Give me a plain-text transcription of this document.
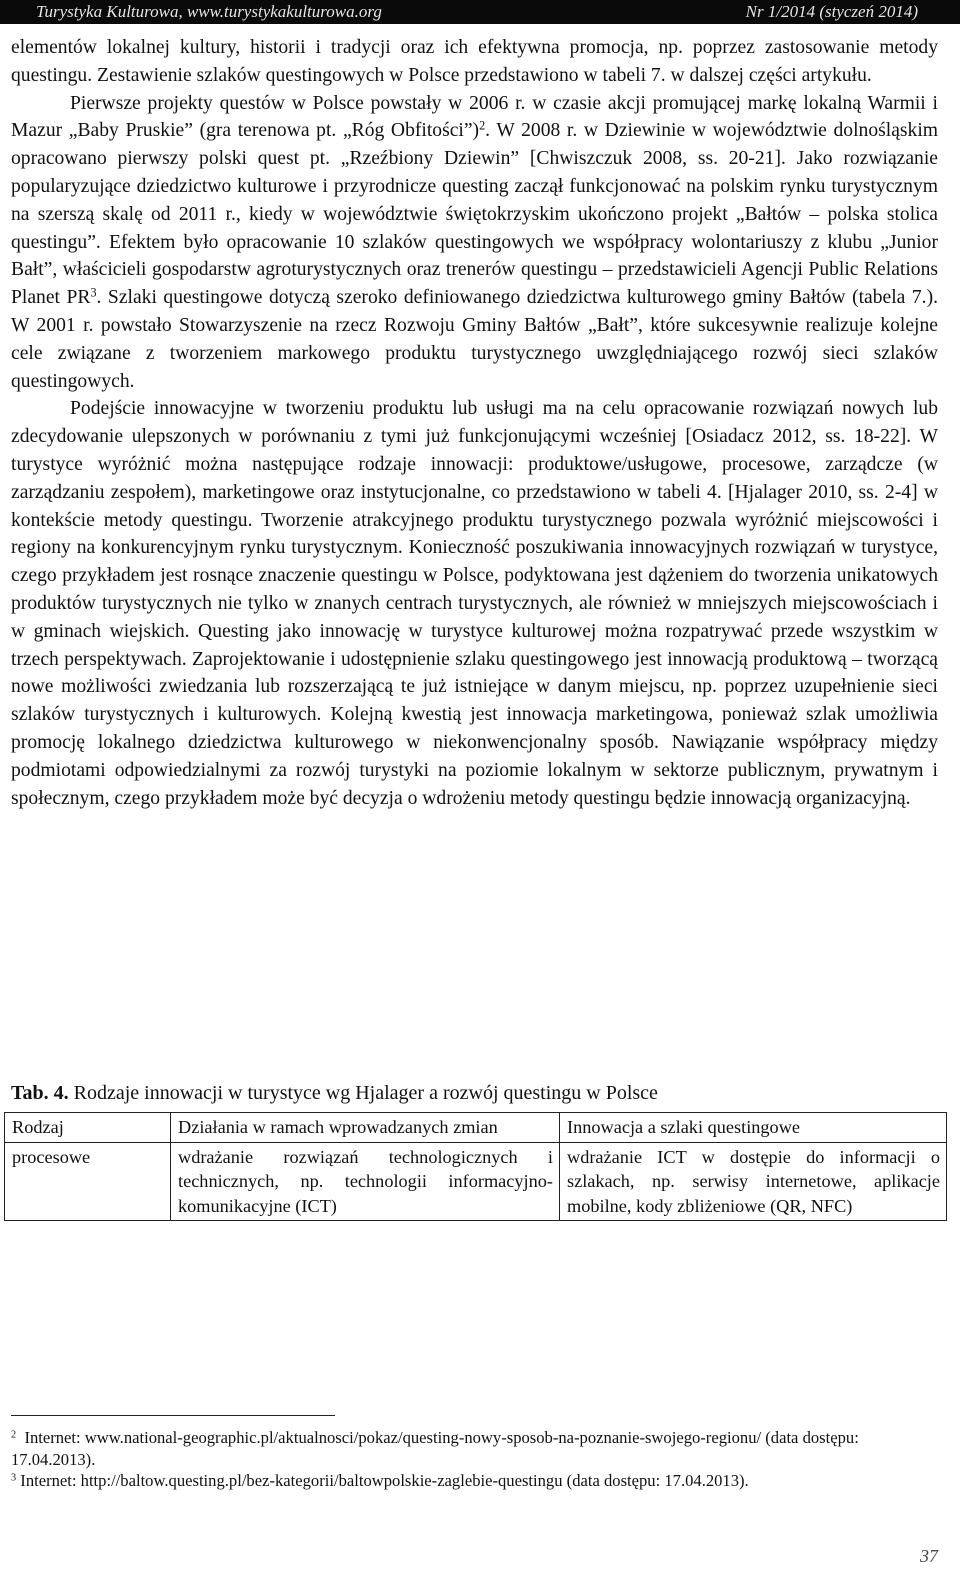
Turystyka Kulturowa, www.turystykakulturowa.org	Nr 1/2014 (styczeń 2014)

elementów lokalnej kultury, historii i tradycji oraz ich efektywna promocja, np. poprzez zastosowanie metody questingu. Zestawienie szlaków questingowych w Polsce przedstawiono w tabeli 7. w dalszej części artykułu.

Pierwsze projekty questów w Polsce powstały w 2006 r. w czasie akcji promującej markę lokalną Warmii i Mazur „Baby Pruskie” (gra terenowa pt. „Róg Obfitości”)$^2$. W 2008 r. w Dziewinie w województwie dolnośląskim opracowano pierwszy polski quest pt. „Rzeźbiony Dziewin” [Chwiszczuk 2008, ss. 20-21]. Jako rozwiązanie popularyzujące dziedzictwo kulturowe i przyrodnicze questing zaczął funkcjonować na polskim rynku turystycznym na szerszą skalę od 2011 r., kiedy w województwie świętokrzyskim ukończono projekt „Bałtów – polska stolica questingu”. Efektem było opracowanie 10 szlaków questingowych we współpracy wolontariuszy z klubu „Junior Bałt”, właścicieli gospodarstw agroturystycznych oraz trenerów questingu – przedstawicieli Agencji Public Relations Planet $PR^3$. Szlaki questingowe dotyczą szeroko definiowanego dziedzictwa kulturowego gminy Bałtów (tabela 7.). W 2001 r. powstało Stowarzyszenie na rzecz Rozwoju Gminy Bałtów „Bałt”, które sukcesywnie realizuje kolejne cele związane z tworzeniem markowego produktu turystycznego uwzględniającego rozwój sieci szlaków questingowych.

Podejście innowacyjne w tworzeniu produktu lub usługi ma na celu opracowanie rozwiązań nowych lub zdecydowanie ulepszonych w porównaniu z tymi już funkcjonującymi wcześniej [Osiadacz 2012, ss. 18-22]. W turystyce wyróżnić można następujące rodzaje innowacji: produktowe/usługowe, procesowe, zarządcze (w zarządzaniu zespołem), marketingowe oraz instytucjonalne, co przedstawiono w tabeli 4. [Hjalager 2010, ss. 2-4] w kontekście metody questingu. Tworzenie atrakcyjnego produktu turystycznego pozwala wyróżnić miejscowości i regiony na konkurencyjnym rynku turystycznym. Konieczność poszukiwania innowacyjnych rozwiązań w turystyce, czego przykładem jest rosnące znaczenie questingu w Polsce, podyktowana jest dążeniem do tworzenia unikatowych produktów turystycznych nie tylko w znanych centrach turystycznych, ale również w mniejszych miejscowościach i w gminach wiejskich. Questing jako innowację w turystyce kulturowej można rozpatrywać przede wszystkim w trzech perspektywach. Zaprojektowanie i udostępnienie szlaku questingowego jest innowacją produktową – tworzącą nowe możliwości zwiedzania lub rozszerzającą te już istniejące w danym miejscu, np. poprzez uzupełnienie sieci szlaków turystycznych i kulturowych. Kolejną kwestią jest innowacja marketingowa, ponieważ szlak umożliwia promocję lokalnego dziedzictwa kulturowego w niekonwencjonalny sposób. Nawiązanie współpracy między podmiotami odpowiedzialnymi za rozwój turystyki na poziomie lokalnym w sektorze publicznym, prywatnym i społecznym, czego przykładem może być decyzja o wdrożeniu metody questingu będzie innowacją organizacyjną.

Tab. 4. Rodzaje innowacji w turystyce wg Hjalager a rozwój questingu w Polsce
Rodzaj	Działania w ramach wprowadzanych zmian	Innowacja a szlaki questingowe
procesowe	wdrażanie rozwiązań technologicznych i technicznych, np. technologii informacyjno-komunikacyjne (ICT)	wdrażanie ICT w dostępie do informacji o szlakach, np. serwisy internetowe, aplikacje mobilne, kody zbliżeniowe (QR, NFC)

$^2$ Internet: www.national-geographic.pl/aktualnosci/pokaz/questing-nowy-sposob-na-poznanie-swojego-regionu/ (data dostępu: 17.04.2013).

$^3$ Internet: http://baltow.questing.pl/bez-kategorii/baltowpolskie-zaglebie-questingu (data dostępu: 17.04.2013).

37
